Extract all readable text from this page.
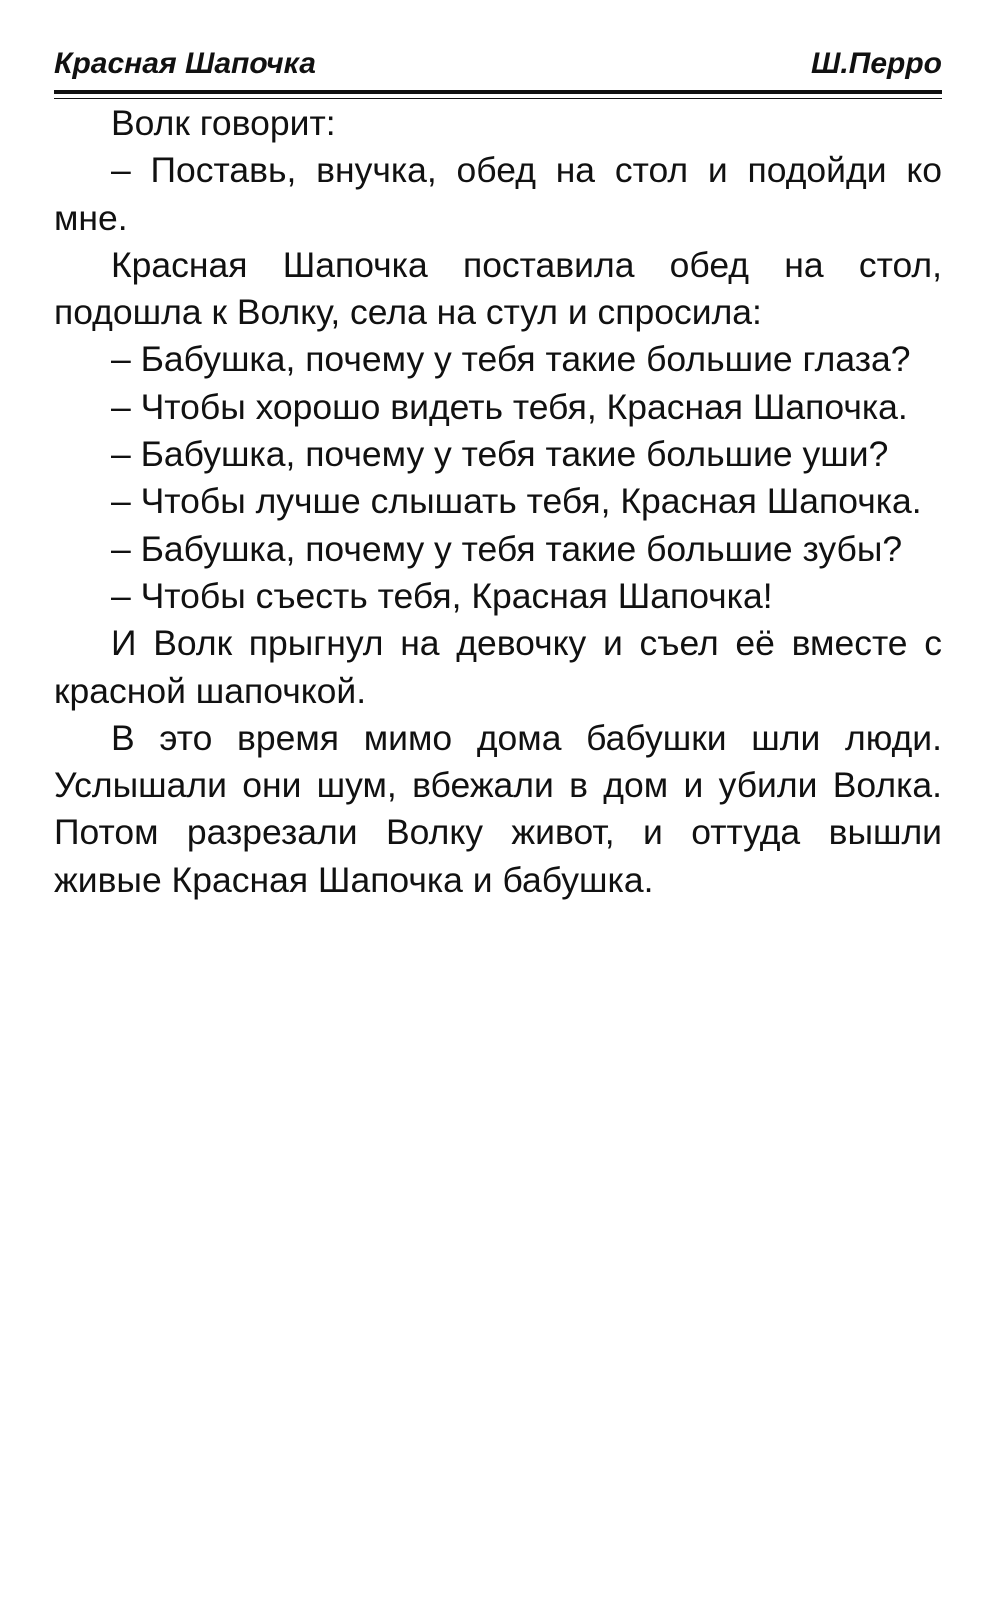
Красная Шапочка	Ш.Перро

Волк говорит:

– Поставь, внучка, обед на стол и подойди ко мне.

Красная Шапочка поставила обед на стол, подошла к Волку, села на стул и спросила:

– Бабушка, почему у тебя такие большие глаза?

– Чтобы хорошо видеть тебя, Красная Шапочка.

– Бабушка, почему у тебя такие большие уши?

– Чтобы лучше слышать тебя, Красная Шапочка.

– Бабушка, почему у тебя такие большие зубы?

– Чтобы съесть тебя, Красная Шапочка!

И Волк прыгнул на девочку и съел её вместе с красной шапочкой.

В это время мимо дома бабушки шли люди. Услышали они шум, вбежали в дом и убили Волка. Потом разрезали Волку живот, и оттуда вышли живые Красная Шапочка и бабушка.
